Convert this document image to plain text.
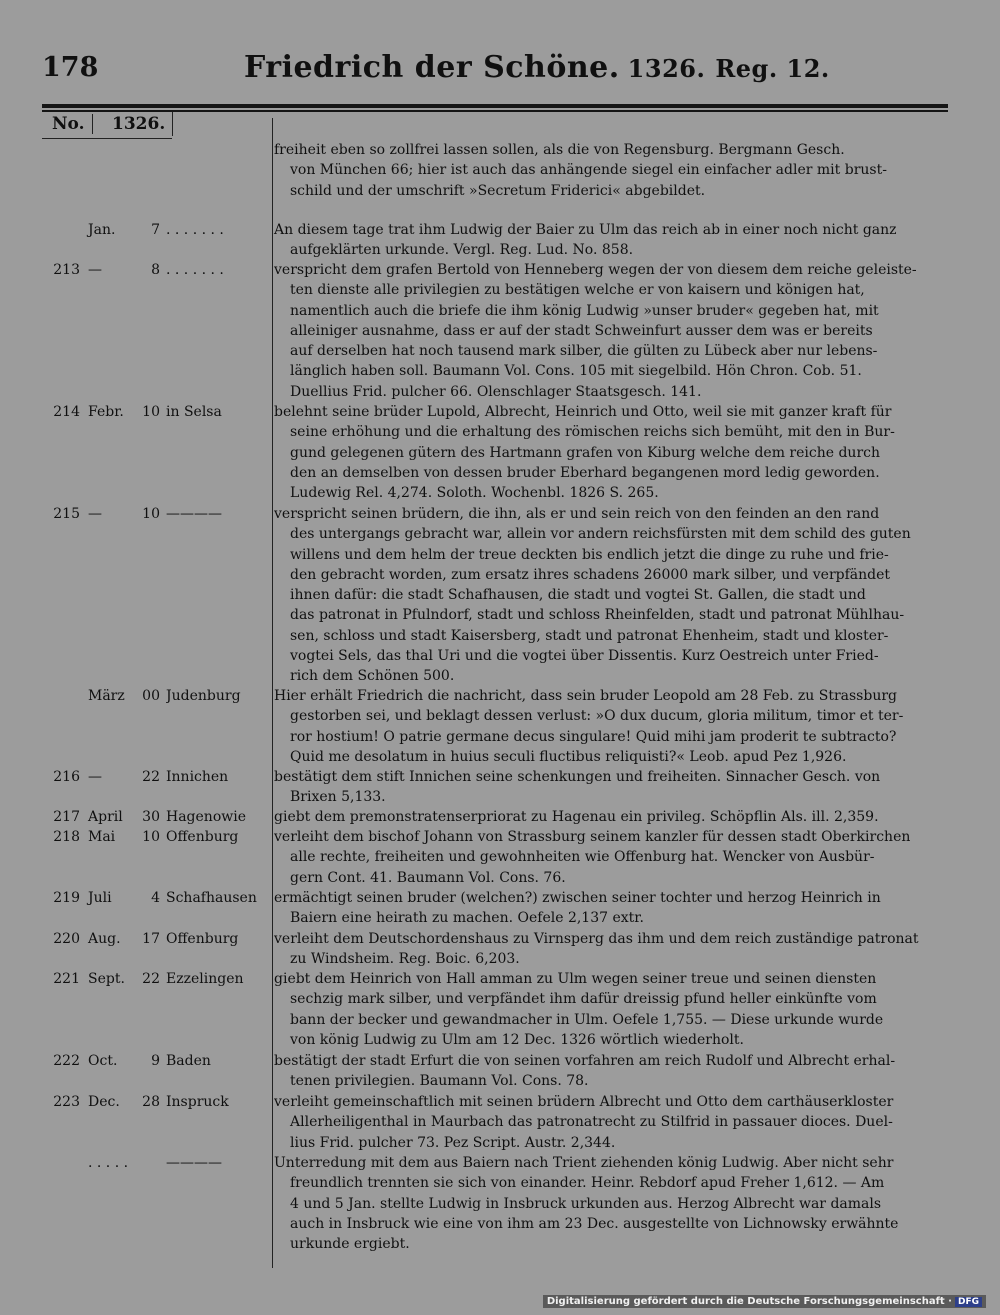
178	Friedrich der Schöne. 1326. Reg. 12.
No. 1326.
freiheit eben so zollfrei lassen sollen, als die von Regensburg. Bergmann Gesch.
von München 66; hier ist auch das anhängende siegel ein einfacher adler mit brust-
schild und der umschrift »Secretum Friderici« abgebildet.
Jan.	7 . . . . . . .	An diesem tage trat ihm Ludwig der Baier zu Ulm das reich ab in einer noch nicht ganz
aufgeklärten urkunde. Vergl. Reg. Lud. No. 858.
213 —	8 . . . . . . .	verspricht dem grafen Bertold von Henneberg wegen der von diesem dem reiche geleiste-
ten dienste alle privilegien zu bestätigen welche er von kaisern und königen hat,
namentlich auch die briefe die ihm könig Ludwig »unser bruder« gegeben hat, mit
alleiniger ausnahme, dass er auf der stadt Schweinfurt ausser dem was er bereits
auf derselben hat noch tausend mark silber, die gülten zu Lübeck aber nur lebens-
länglich haben soll. Baumann Vol. Cons. 105 mit siegelbild. Hön Chron. Cob. 51.
Duellius Frid. pulcher 66. Olenschlager Staatsgesch. 141.
214 Febr. 10 in Selsa	belehnt seine brüder Lupold, Albrecht, Heinrich und Otto, weil sie mit ganzer kraft für
seine erhöhung und die erhaltung des römischen reichs sich bemüht, mit den in Bur-
gund gelegenen gütern des Hartmann grafen von Kiburg welche dem reiche durch
den an demselben von dessen bruder Eberhard begangenen mord ledig geworden.
Ludewig Rel. 4,274. Soloth. Wochenbl. 1826 S. 265.
215 —	10 ————	verspricht seinen brüdern, die ihn, als er und sein reich von den feinden an den rand
des untergangs gebracht war, allein vor andern reichsfürsten mit dem schild des guten
willens und dem helm der treue deckten bis endlich jetzt die dinge zu ruhe und frie-
den gebracht worden, zum ersatz ihres schadens 26000 mark silber, und verpfändet
ihnen dafür: die stadt Schafhausen, die stadt und vogtei St. Gallen, die stadt und
das patronat in Pfulndorf, stadt und schloss Rheinfelden, stadt und patronat Mühlhau-
sen, schloss und stadt Kaisersberg, stadt und patronat Ehenheim, stadt und kloster-
vogtei Sels, das thal Uri und die vogtei über Dissentis. Kurz Oestreich unter Fried-
rich dem Schönen 500.
März 00 Judenburg	Hier erhält Friedrich die nachricht, dass sein bruder Leopold am 28 Feb. zu Strassburg
gestorben sei, und beklagt dessen verlust: »O dux ducum, gloria militum, timor et ter-
ror hostium! O patrie germane decus singulare! Quid mihi jam proderit te subtracto?
Quid me desolatum in huius seculi fluctibus reliquisti?« Leob. apud Pez 1,926.
216 —	22 Innichen	bestätigt dem stift Innichen seine schenkungen und freiheiten. Sinnacher Gesch. von
Brixen 5,133.
217 April 30 Hagenowie	giebt dem premonstratenserpriorat zu Hagenau ein privileg. Schöpflin Als. ill. 2,359.
218 Mai 10 Offenburg	verleiht dem bischof Johann von Strassburg seinem kanzler für dessen stadt Oberkirchen
alle rechte, freiheiten und gewohnheiten wie Offenburg hat. Wencker von Ausbür-
gern Cont. 41. Baumann Vol. Cons. 76.
219 Juli	4 Schafhausen	ermächtigt seinen bruder (welchen?) zwischen seiner tochter und herzog Heinrich in
Baiern eine heirath zu machen. Oefele 2,137 extr.
220 Aug. 17 Offenburg	verleiht dem Deutschordenshaus zu Virnsperg das ihm und dem reich zuständige patronat
zu Windsheim. Reg. Boic. 6,203.
221 Sept. 22 Ezzelingen	giebt dem Heinrich von Hall amman zu Ulm wegen seiner treue und seinen diensten
sechzig mark silber, und verpfändet ihm dafür dreissig pfund heller einkünfte vom
bann der becker und gewandmacher in Ulm. Oefele 1,755. — Diese urkunde wurde
von könig Ludwig zu Ulm am 12 Dec. 1326 wörtlich wiederholt.
222 Oct. 9 Baden	bestätigt der stadt Erfurt die von seinen vorfahren am reich Rudolf und Albrecht erhal-
tenen privilegien. Baumann Vol. Cons. 78.
223 Dec. 28 Inspruck	verleiht gemeinschaftlich mit seinen brüdern Albrecht und Otto dem carthäuserkloster
Allerheiligenthal in Maurbach das patronatrecht zu Stilfrid in passauer dioces. Duel-
lius Frid. pulcher 73. Pez Script. Austr. 2,344.
. . . . .	————	Unterredung mit dem aus Baiern nach Trient ziehenden könig Ludwig. Aber nicht sehr
freundlich trennten sie sich von einander. Heinr. Rebdorf apud Freher 1,612. — Am
4 und 5 Jan. stellte Ludwig in Insbruck urkunden aus. Herzog Albrecht war damals
auch in Insbruck wie eine von ihm am 23 Dec. ausgestellte von Lichnowsky erwähnte
urkunde ergiebt.
Digitalisierung gefördert durch die Deutsche Forschungsgemeinschaft · DFG
